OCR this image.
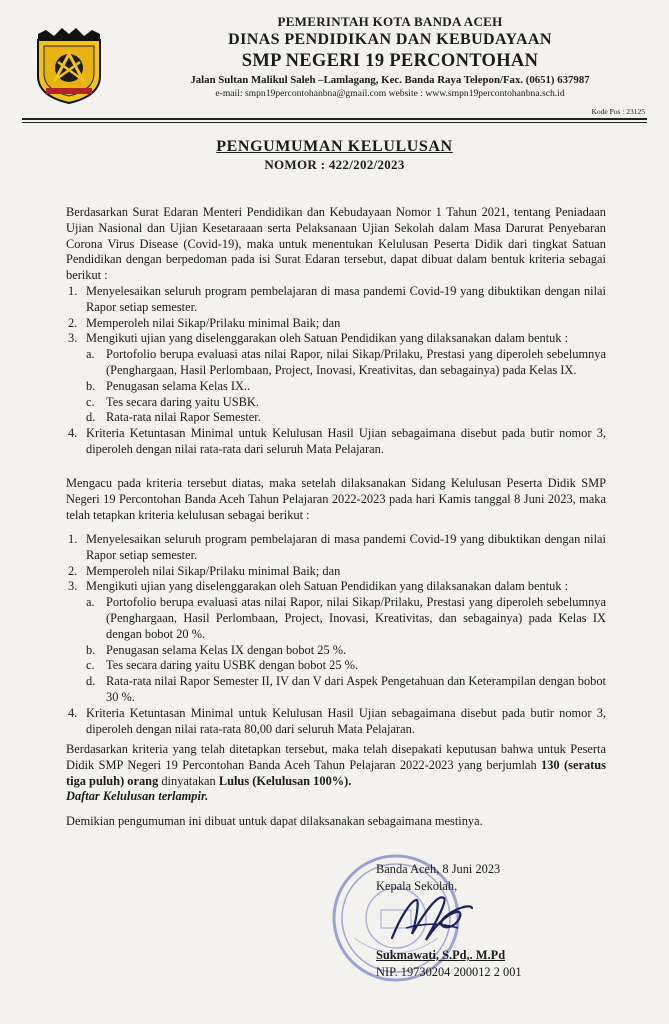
PEMERINTAH KOTA BANDA ACEH
DINAS PENDIDIKAN DAN KEBUDAYAAN
SMP NEGERI 19 PERCONTOHAN
Jalan Sultan Malikul Saleh –Lamlagang, Kec. Banda Raya Telepon/Fax. (0651) 637987
e-mail: smpn19percontohanbna@gmail.com website : www.smpn19percontohanbna.sch.id
Kode Pos : 23125
PENGUMUMAN KELULUSAN
NOMOR : 422/202/2023
Berdasarkan Surat Edaran Menteri Pendidikan dan Kebudayaan Nomor 1 Tahun 2021, tentang Peniadaan Ujian Nasional dan Ujian Kesetaraaan serta Pelaksanaan Ujian Sekolah dalam Masa Darurat Penyebaran Corona Virus Disease (Covid-19), maka untuk menentukan Kelulusan Peserta Didik dari tingkat Satuan Pendidikan dengan berpedoman pada isi Surat Edaran tersebut, dapat dibuat dalam bentuk kriteria sebagai berikut :
1. Menyelesaikan seluruh program pembelajaran di masa pandemi Covid-19 yang dibuktikan dengan nilai Rapor setiap semester.
2. Memperoleh nilai Sikap/Prilaku minimal Baik; dan
3. Mengikuti ujian yang diselenggarakan oleh Satuan Pendidikan yang dilaksanakan dalam bentuk :
a. Portofolio berupa evaluasi atas nilai Rapor, nilai Sikap/Prilaku, Prestasi yang diperoleh sebelumnya (Penghargaan, Hasil Perlombaan, Project, Inovasi, Kreativitas, dan sebagainya) pada Kelas IX.
b. Penugasan selama Kelas IX..
c. Tes secara daring yaitu USBK.
d. Rata-rata nilai Rapor Semester.
4. Kriteria Ketuntasan Minimal untuk Kelulusan Hasil Ujian sebagaimana disebut pada butir nomor 3, diperoleh dengan nilai rata-rata dari seluruh Mata Pelajaran.
Mengacu pada kriteria tersebut diatas, maka setelah dilaksanakan Sidang Kelulusan Peserta Didik SMP Negeri 19 Percontohan Banda Aceh Tahun Pelajaran 2022-2023 pada hari Kamis tanggal 8 Juni 2023, maka telah tetapkan kriteria kelulusan sebagai berikut :
1. Menyelesaikan seluruh program pembelajaran di masa pandemi Covid-19 yang dibuktikan dengan nilai Rapor setiap semester.
2. Memperoleh nilai Sikap/Prilaku minimal Baik; dan
3. Mengikuti ujian yang diselenggarakan oleh Satuan Pendidikan yang dilaksanakan dalam bentuk :
a. Portofolio berupa evaluasi atas nilai Rapor, nilai Sikap/Prilaku, Prestasi yang diperoleh sebelumnya (Penghargaan, Hasil Perlombaan, Project, Inovasi, Kreativitas, dan sebagainya) pada Kelas IX dengan bobot 20 %.
b. Penugasan selama Kelas IX dengan bobot 25 %.
c. Tes secara daring yaitu USBK dengan bobot 25 %.
d. Rata-rata nilai Rapor Semester II, IV dan V dari Aspek Pengetahuan dan Keterampilan dengan bobot 30 %.
4. Kriteria Ketuntasan Minimal untuk Kelulusan Hasil Ujian sebagaimana disebut pada butir nomor 3, diperoleh dengan nilai rata-rata 80,00 dari seluruh Mata Pelajaran.
Berdasarkan kriteria yang telah ditetapkan tersebut, maka telah disepakati keputusan bahwa untuk Peserta Didik SMP Negeri 19 Percontohan Banda Aceh Tahun Pelajaran 2022-2023 yang berjumlah 130 (seratus tiga puluh) orang dinyatakan Lulus (Kelulusan 100%).
Daftar Kelulusan terlampir.
Demikian pengumuman ini dibuat untuk dapat dilaksanakan sebagaimana mestinya.
Banda Aceh, 8 Juni 2023
Kepala Sekolah,
Sukmawati, S.Pd,. M.Pd
NIP. 19730204 200012 2 001
